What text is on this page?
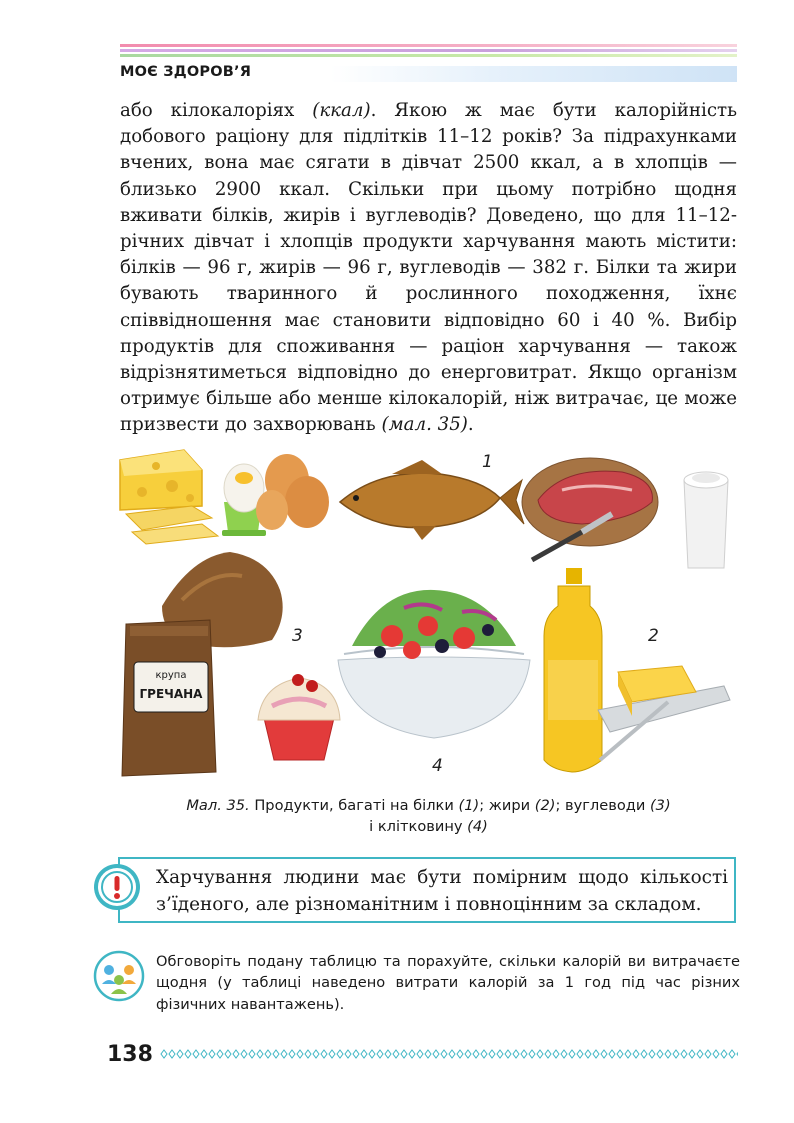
МОЄ ЗДОРОВ’Я
або кілокалоріях (ккал). Якою ж має бути калорійність добового раціону для підлітків 11–12 років? За підрахунками вчених, вона має сягати в дівчат 2500 ккал, а в хлопців — близько 2900 ккал. Скільки при цьому потрібно щодня вживати білків, жирів і вуглеводів? Доведено, що для 11–12-річних дівчат і хлопців продукти харчування мають містити: білків — 96 г, жирів — 96 г, вуглеводів — 382 г. Білки та жири бувають тваринного й рослинного походження, їхнє співвідношення має становити відповідно 60 і 40 %. Вибір продуктів для споживання — раціон харчування — також відрізнятиметься відповідно до енерговитрат. Якщо організм отримує більше або менше кілокалорій, ніж витрачає, це може призвести до захворювань (мал. 35).
крупа
ГРЕЧАНА
1
2
3
4
Мал. 35. Продукти, багаті на білки (1); жири (2); вуглеводи (3)
і клітковину (4)
Харчування людини має бути помірним щодо кількості з’їденого, але різноманітним і повноцінним за складом.
Обговоріть подану таблицю та порахуйте, скільки калорій ви витрачаєте щодня (у таблиці наведено витрати калорій за 1 год під час різних фізичних навантажень).
138
